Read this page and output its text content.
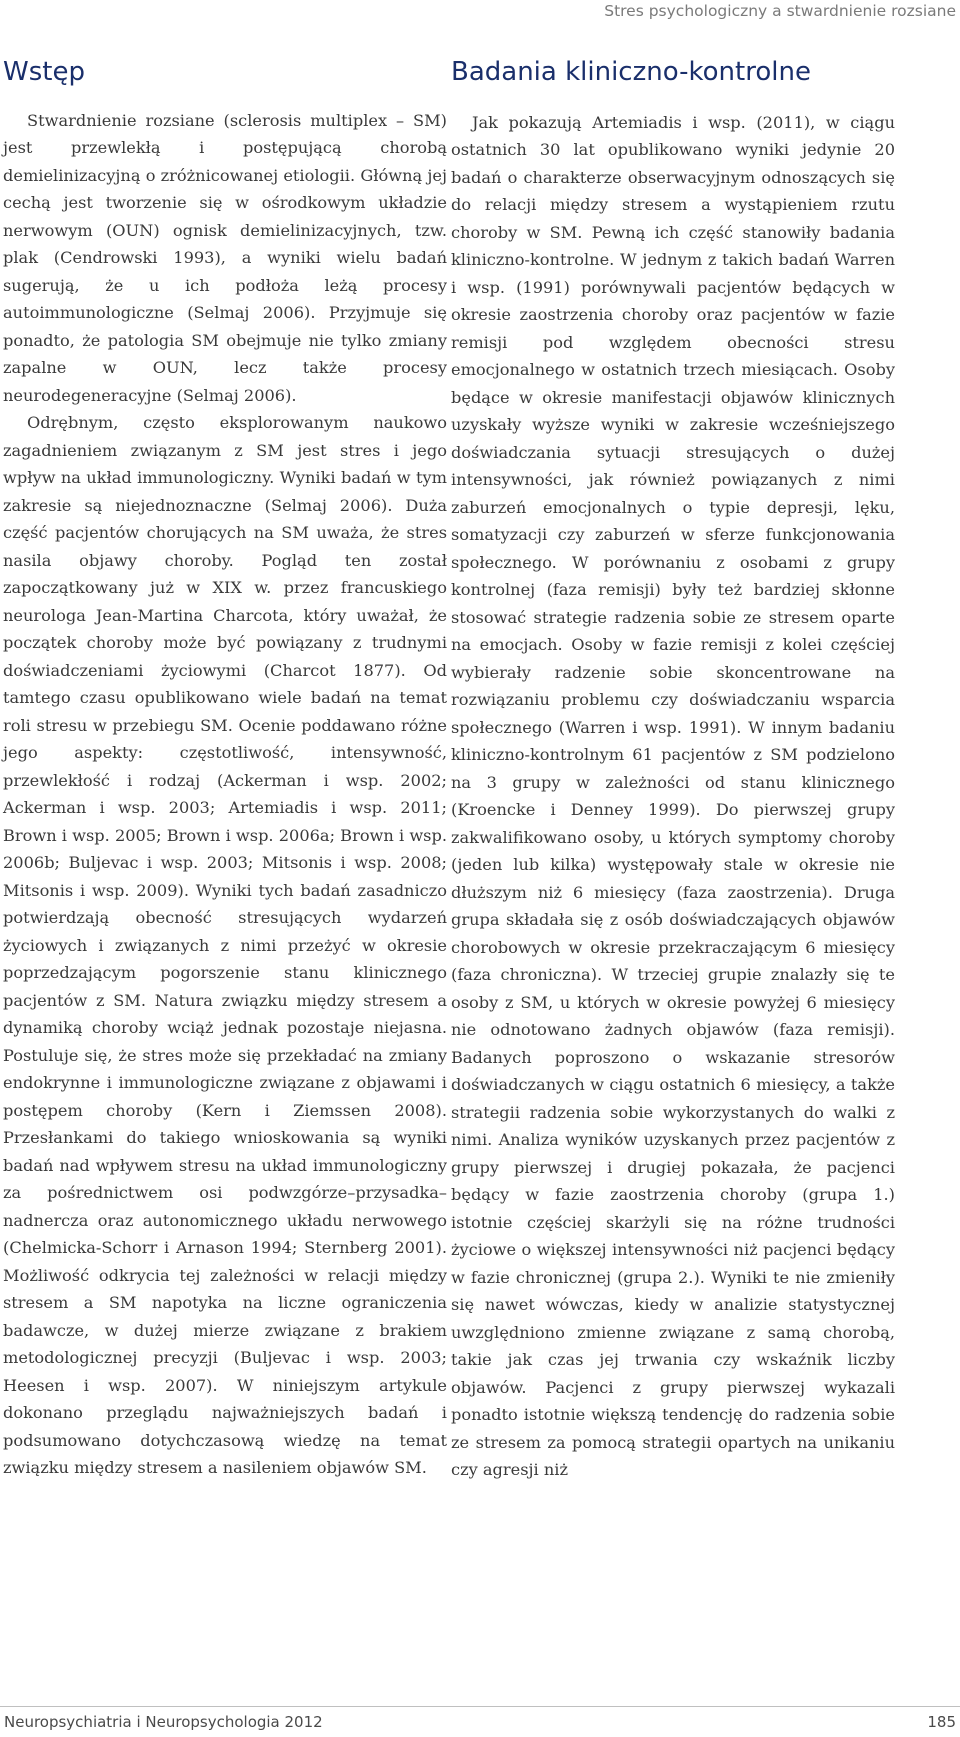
Stres psychologiczny a stwardnienie rozsiane
Wstęp

Stwardnienie rozsiane (sclerosis multiplex – SM) jest przewlekłą i postępującą chorobą demielinizacyjną o zróżnicowanej etiologii. Główną jej cechą jest tworzenie się w ośrodkowym układzie nerwowym (OUN) ognisk demielinizacyjnych, tzw. plak (Cendrowski 1993), a wyniki wielu badań sugerują, że u ich podłoża leżą procesy autoimmunologiczne (Selmaj 2006). Przyjmuje się ponadto, że patologia SM obejmuje nie tylko zmiany zapalne w OUN, lecz także procesy neurodegeneracyjne (Selmaj 2006).

Odrębnym, często eksplorowanym naukowo zagadnieniem związanym z SM jest stres i jego wpływ na układ immunologiczny. Wyniki badań w tym zakresie są niejednoznaczne (Selmaj 2006). Duża część pacjentów chorujących na SM uważa, że stres nasila objawy choroby. Pogląd ten został zapoczątkowany już w XIX w. przez francuskiego neurologa Jean-Martina Charcota, który uważał, że początek choroby może być powiązany z trudnymi doświadczeniami życiowymi (Charcot 1877). Od tamtego czasu opublikowano wiele badań na temat roli stresu w przebiegu SM. Ocenie poddawano różne jego aspekty: częstotliwość, intensywność, przewlekłość i rodzaj (Ackerman i wsp. 2002; Ackerman i wsp. 2003; Artemiadis i wsp. 2011; Brown i wsp. 2005; Brown i wsp. 2006a; Brown i wsp. 2006b; Buljevac i wsp. 2003; Mitsonis i wsp. 2008; Mitsonis i wsp. 2009). Wyniki tych badań zasadniczo potwierdzają obecność stresujących wydarzeń życiowych i związanych z nimi przeżyć w okresie poprzedzającym pogorszenie stanu klinicznego pacjentów z SM. Natura związku między stresem a dynamiką choroby wciąż jednak pozostaje niejasna. Postuluje się, że stres może się przekładać na zmiany endokrynne i immunologiczne związane z objawami i postępem choroby (Kern i Ziemssen 2008). Przesłankami do takiego wnioskowania są wyniki badań nad wpływem stresu na układ immunologiczny za pośrednictwem osi podwzgórze–przysadka–nadnercza oraz autonomicznego układu nerwowego (Chelmicka-Schorr i Arnason 1994; Sternberg 2001). Możliwość odkrycia tej zależności w relacji między stresem a SM napotyka na liczne ograniczenia badawcze, w dużej mierze związane z brakiem metodologicznej precyzji (Buljevac i wsp. 2003; Heesen i wsp. 2007). W niniejszym artykule dokonano przeglądu najważniejszych badań i podsumowano dotychczasową wiedzę na temat związku między stresem a nasileniem objawów SM.

Badania kliniczno-kontrolne

Jak pokazują Artemiadis i wsp. (2011), w ciągu ostatnich 30 lat opublikowano wyniki jedynie 20 badań o charakterze obserwacyjnym odnoszących się do relacji między stresem a wystąpieniem rzutu choroby w SM. Pewną ich część stanowiły badania kliniczno-kontrolne. W jednym z takich badań Warren i wsp. (1991) porównywali pacjentów będących w okresie zaostrzenia choroby oraz pacjentów w fazie remisji pod względem obecności stresu emocjonalnego w ostatnich trzech miesiącach. Osoby będące w okresie manifestacji objawów klinicznych uzyskały wyższe wyniki w zakresie wcześniejszego doświadczania sytuacji stresujących o dużej intensywności, jak również powiązanych z nimi zaburzeń emocjonalnych o typie depresji, lęku, somatyzacji czy zaburzeń w sferze funkcjonowania społecznego. W porównaniu z osobami z grupy kontrolnej (faza remisji) były też bardziej skłonne stosować strategie radzenia sobie ze stresem oparte na emocjach. Osoby w fazie remisji z kolei częściej wybierały radzenie sobie skoncentrowane na rozwiązaniu problemu czy doświadczaniu wsparcia społecznego (Warren i wsp. 1991). W innym badaniu kliniczno-kontrolnym 61 pacjentów z SM podzielono na 3 grupy w zależności od stanu klinicznego (Kroencke i Denney 1999). Do pierwszej grupy zakwalifikowano osoby, u których symptomy choroby (jeden lub kilka) występowały stale w okresie nie dłuższym niż 6 miesięcy (faza zaostrzenia). Druga grupa składała się z osób doświadczających objawów chorobowych w okresie przekraczającym 6 miesięcy (faza chroniczna). W trzeciej grupie znalazły się te osoby z SM, u których w okresie powyżej 6 miesięcy nie odnotowano żadnych objawów (faza remisji). Badanych poproszono o wskazanie stresorów doświadczanych w ciągu ostatnich 6 miesięcy, a także strategii radzenia sobie wykorzystanych do walki z nimi. Analiza wyników uzyskanych przez pacjentów z grupy pierwszej i drugiej pokazała, że pacjenci będący w fazie zaostrzenia choroby (grupa 1.) istotnie częściej skarżyli się na różne trudności życiowe o większej intensywności niż pacjenci będący w fazie chronicznej (grupa 2.). Wyniki te nie zmieniły się nawet wówczas, kiedy w analizie statystycznej uwzględniono zmienne związane z samą chorobą, takie jak czas jej trwania czy wskaźnik liczby objawów. Pacjenci z grupy pierwszej wykazali ponadto istotnie większą tendencję do radzenia sobie ze stresem za pomocą strategii opartych na unikaniu czy agresji niż

Neuropsychiatria i Neuropsychologia 2012	185
